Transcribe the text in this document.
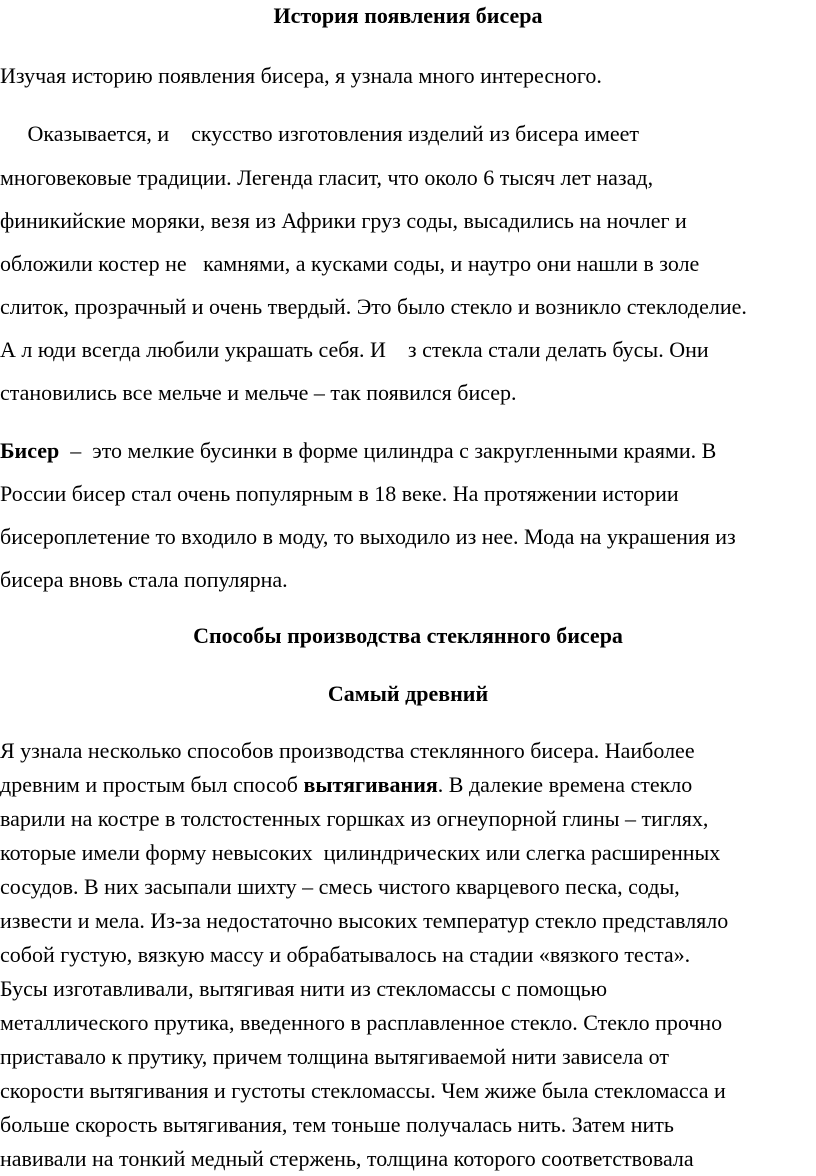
История появления бисера
Изучая историю появления бисера, я узнала много интересного.
Оказывается, и    скусство изготовления изделий из бисера имеет
многовековые традиции. Легенда гласит, что около 6 тысяч лет назад,
финикийские моряки, везя из Африки груз соды, высадились на ночлег и
обложили костер не   камнями, а кусками соды, и наутро они нашли в золе
слиток, прозрачный и очень твердый. Это было стекло и возникло стеклоделие.
А л юди всегда любили украшать себя. И    з стекла стали делать бусы. Они
становились все мельче и мельче – так появился бисер.
Бисер  –  это мелкие бусинки в форме цилиндра с закругленными краями. В
России бисер стал очень популярным в 18 веке. На протяжении истории
бисероплетение то входило в моду, то выходило из нее. Мода на украшения из
бисера вновь стала популярна.
Способы производства стеклянного бисера
Самый древний
Я узнала несколько способов производства стеклянного бисера. Наиболее
древним и простым был способ вытягивания. В далекие времена стекло
варили на костре в толстостенных горшках из огнеупорной глины – тиглях,
которые имели форму невысоких  цилиндрических или слегка расширенных
сосудов. В них засыпали шихту – смесь чистого кварцевого песка, соды,
извести и мела. Из-за недостаточно высоких температур стекло представляло
собой густую, вязкую массу и обрабатывалось на стадии «вязкого теста».
Бусы изготавливали, вытягивая нити из стекломассы с помощью
металлического прутика, введенного в расплавленное стекло. Стекло прочно
приставало к прутику, причем толщина вытягиваемой нити зависела от
скорости вытягивания и густоты стекломассы. Чем жиже была стекломасса и
больше скорость вытягивания, тем тоньше получалась нить. Затем нить
навивали на тонкий медный стержень, толщина которого соответствовала
